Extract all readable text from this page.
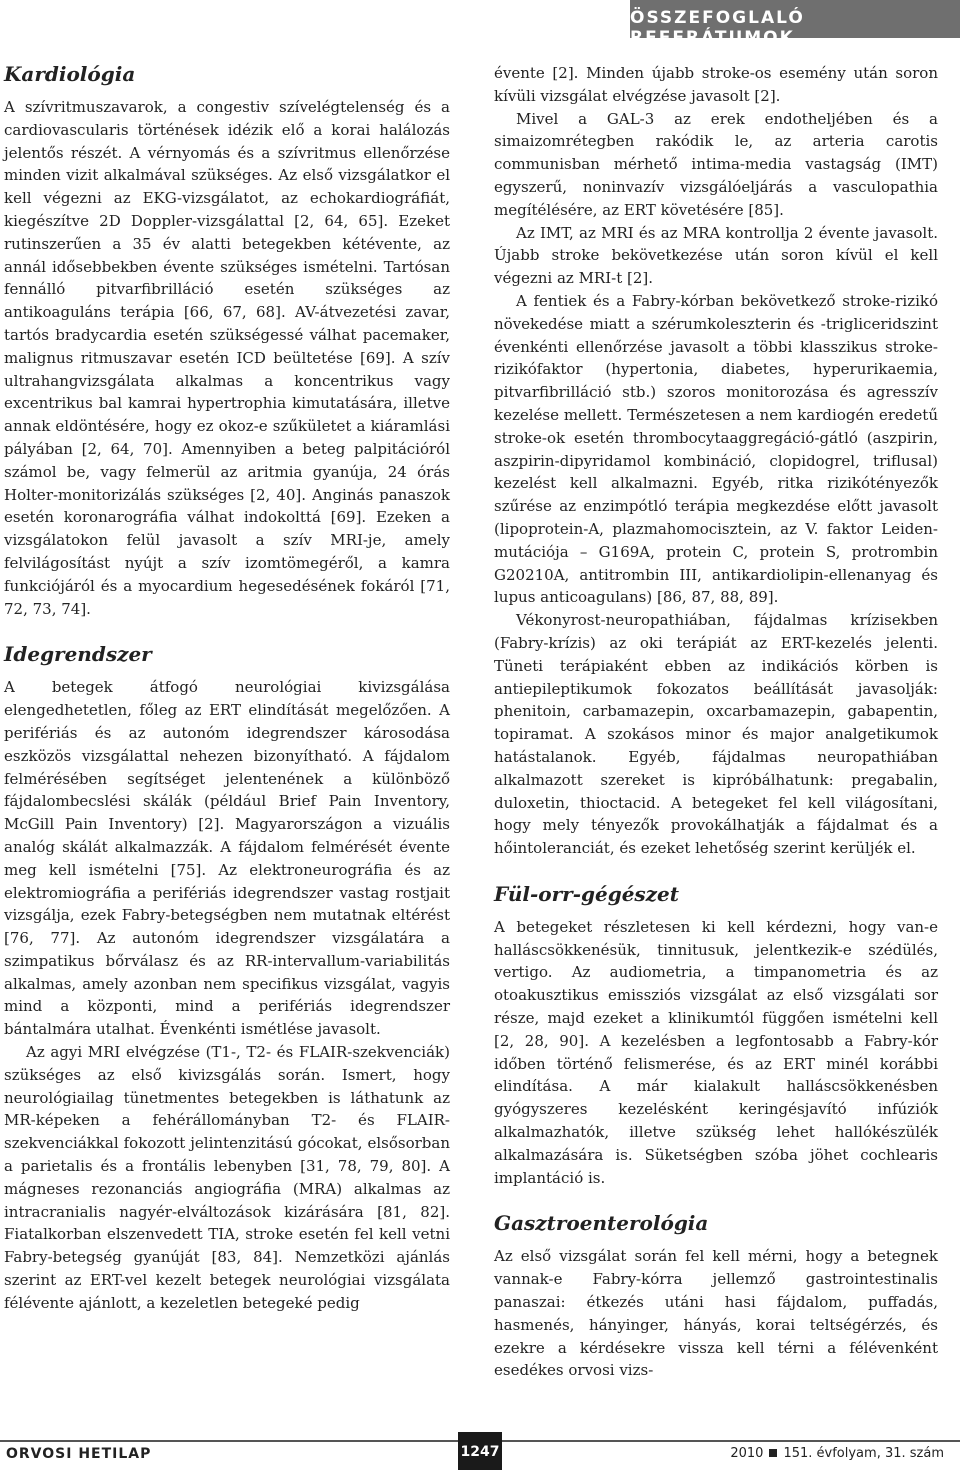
ÖSSZEFOGLALÓ REFERÁTUMOK
Kardiológia

A szívritmuszavarok, a congestiv szívelégtelenség és a cardiovascularis történések idézik elő a korai halálozás jelentős részét. A vérnyomás és a szívritmus ellenőrzése minden vizit alkalmával szükséges. Az első vizsgálatkor el kell végezni az EKG-vizsgálatot, az echokardiográfiát, kiegészítve 2D Doppler-vizsgálattal [2, 64, 65]. Ezeket rutinszerűen a 35 év alatti betegekben kétévente, az annál idősebbekben évente szükséges ismételni. Tartósan fennálló pitvarfibrilláció esetén szükséges az antikoaguláns terápia [66, 67, 68]. AV-átvezetési zavar, tartós bradycardia esetén szükségessé válhat pacemaker, malignus ritmuszavar esetén ICD beültetése [69]. A szív ultrahangvizsgálata alkalmas a koncentrikus vagy excentrikus bal kamrai hypertrophia kimutatására, illetve annak eldöntésére, hogy ez okoz-e szűkületet a kiáramlási pályában [2, 64, 70]. Amennyiben a beteg palpitációról számol be, vagy felmerül az aritmia gyanúja, 24 órás Holter-monitorizálás szükséges [2, 40]. Anginás panaszok esetén koronarográfia válhat indokolttá [69]. Ezeken a vizsgálatokon felül javasolt a szív MRI-je, amely felvilágosítást nyújt a szív izomtömegéről, a kamra funkciójáról és a myocardium hegesedésének fokáról [71, 72, 73, 74].

Idegrendszer

A betegek átfogó neurológiai kivizsgálása elengedhetetlen, főleg az ERT elindítását megelőzően. A perifériás és az autonóm idegrendszer károsodása eszközös vizsgálattal nehezen bizonyítható. A fájdalom felmérésében segítséget jelentenének a különböző fájdalombecslési skálák (például Brief Pain Inventory, McGill Pain Inventory) [2]. Magyarországon a vizuális analóg skálát alkalmazzák. A fájdalom felmérését évente meg kell ismételni [75]. Az elektroneurográfia és az elektromiográfia a perifériás idegrendszer vastag rostjait vizsgálja, ezek Fabry-betegségben nem mutatnak eltérést [76, 77]. Az autonóm idegrendszer vizsgálatára a szimpatikus bőrválasz és az RR-intervallum-variabilitás alkalmas, amely azonban nem specifikus vizsgálat, vagyis mind a központi, mind a perifériás idegrendszer bántalmára utalhat. Évenkénti ismétlése javasolt.

Az agyi MRI elvégzése (T1-, T2- és FLAIR-szekvenciák) szükséges az első kivizsgálás során. Ismert, hogy neurológiailag tünetmentes betegekben is láthatunk az MR-képeken a fehérállományban T2- és FLAIR-szekvenciákkal fokozott jelintenzitású gócokat, elsősorban a parietalis és a frontális lebenyben [31, 78, 79, 80]. A mágneses rezonanciás angiográfia (MRA) alkalmas az intracranialis nagyér-elváltozások kizárására [81, 82]. Fiatalkorban elszenvedett TIA, stroke esetén fel kell vetni Fabry-betegség gyanúját [83, 84]. Nemzetközi ajánlás szerint az ERT-vel kezelt betegek neurológiai vizsgálata félévente ajánlott, a kezeletlen betegeké pedig

évente [2]. Minden újabb stroke-os esemény után soron kívüli vizsgálat elvégzése javasolt [2].

Mivel a GAL-3 az erek endotheljében és a simaizomrétegben rakódik le, az arteria carotis communisban mérhető intima-media vastagság (IMT) egyszerű, noninvazív vizsgálóeljárás a vasculopathia megítélésére, az ERT követésére [85].

Az IMT, az MRI és az MRA kontrollja 2 évente javasolt. Újabb stroke bekövetkezése után soron kívül el kell végezni az MRI-t [2].

A fentiek és a Fabry-kórban bekövetkező stroke-rizikó növekedése miatt a szérumkoleszterin és -trigliceridszint évenkénti ellenőrzése javasolt a többi klasszikus stroke-rizikófaktor (hypertonia, diabetes, hyperurikaemia, pitvarfibrilláció stb.) szoros monitorozása és agresszív kezelése mellett. Természetesen a nem kardiogén eredetű stroke-ok esetén thrombocytaaggregáció-gátló (aszpirin, aszpirin-dipyridamol kombináció, clopidogrel, triflusal) kezelést kell alkalmazni. Egyéb, ritka rizikótényezők szűrése az enzimpótló terápia megkezdése előtt javasolt (lipoprotein-A, plazmahomocisztein, az V. faktor Leiden-mutációja – G169A, protein C, protein S, protrombin G20210A, antitrombin III, antikardiolipin-ellenanyag és lupus anticoagulans) [86, 87, 88, 89].

Vékonyrost-neuropathiában, fájdalmas krízisekben (Fabry-krízis) az oki terápiát az ERT-kezelés jelenti. Tüneti terápiaként ebben az indikációs körben is antiepileptikumok fokozatos beállítását javasolják: phenitoin, carbamazepin, oxcarbamazepin, gabapentin, topiramat. A szokásos minor és major analgetikumok hatástalanok. Egyéb, fájdalmas neuropathiában alkalmazott szereket is kipróbálhatunk: pregabalin, duloxetin, thioctacid. A betegeket fel kell világosítani, hogy mely tényezők provokálhatják a fájdalmat és a hőintoleranciát, és ezeket lehetőség szerint kerüljék el.

Fül-orr-gégészet

A betegeket részletesen ki kell kérdezni, hogy van-e halláscsökkenésük, tinnitusuk, jelentkezik-e szédülés, vertigo. Az audiometria, a timpanometria és az otoakusztikus emissziós vizsgálat az első vizsgálati sor része, majd ezeket a klinikumtól függően ismételni kell [2, 28, 90]. A kezelésben a legfontosabb a Fabry-kór időben történő felismerése, és az ERT minél korábbi elindítása. A már kialakult halláscsökkenésben gyógyszeres kezelésként keringésjavító infúziók alkalmazhatók, illetve szükség lehet hallókészülék alkalmazására is. Süketségben szóba jöhet cochlearis implantáció is.

Gasztroenterológia

Az első vizsgálat során fel kell mérni, hogy a betegnek vannak-e Fabry-kórra jellemző gastrointestinalis panaszai: étkezés utáni hasi fájdalom, puffadás, hasmenés, hányinger, hányás, korai teltségérzés, és ezekre a kérdésekre vissza kell térni a félévenként esedékes orvosi vizs-

ORVOSI HETILAP	1247	2010 151. évfolyam, 31. szám
